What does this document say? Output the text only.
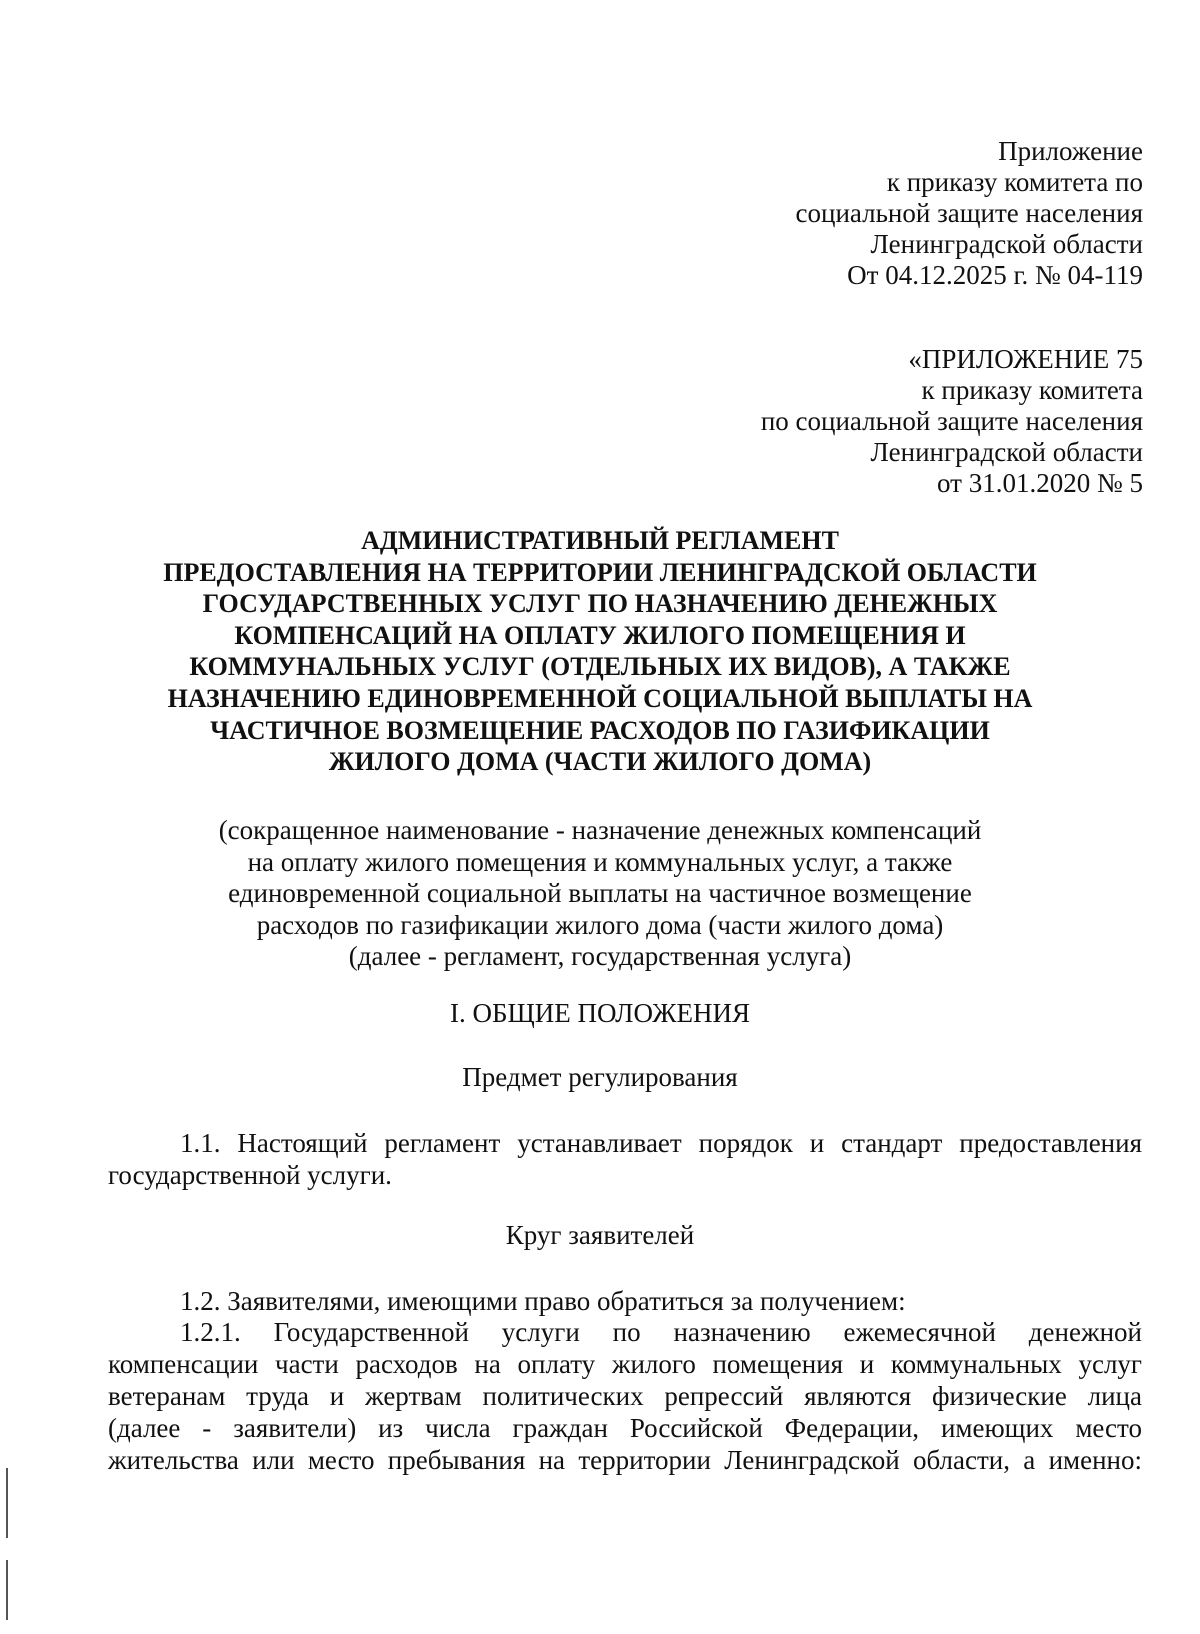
Приложение
к приказу комитета по
социальной защите населения
Ленинградской области
От 04.12.2025 г. № 04-119
«ПРИЛОЖЕНИЕ 75
к приказу комитета
по социальной защите населения
Ленинградской области
от 31.01.2020 № 5
АДМИНИСТРАТИВНЫЙ РЕГЛАМЕНТ
ПРЕДОСТАВЛЕНИЯ НА ТЕРРИТОРИИ ЛЕНИНГРАДСКОЙ ОБЛАСТИ
ГОСУДАРСТВЕННЫХ УСЛУГ ПО НАЗНАЧЕНИЮ ДЕНЕЖНЫХ
КОМПЕНСАЦИЙ НА ОПЛАТУ ЖИЛОГО ПОМЕЩЕНИЯ И
КОММУНАЛЬНЫХ УСЛУГ (ОТДЕЛЬНЫХ ИХ ВИДОВ), А ТАКЖЕ
НАЗНАЧЕНИЮ ЕДИНОВРЕМЕННОЙ СОЦИАЛЬНОЙ ВЫПЛАТЫ НА
ЧАСТИЧНОЕ ВОЗМЕЩЕНИЕ РАСХОДОВ ПО ГАЗИФИКАЦИИ
ЖИЛОГО ДОМА (ЧАСТИ ЖИЛОГО ДОМА)
(сокращенное наименование - назначение денежных компенсаций
на оплату жилого помещения и коммунальных услуг, а также
единовременной социальной выплаты на частичное возмещение
расходов по газификации жилого дома (части жилого дома)
(далее - регламент, государственная услуга)
I. ОБЩИЕ ПОЛОЖЕНИЯ
Предмет регулирования
1.1. Настоящий регламент устанавливает порядок и стандарт предоставления
государственной услуги.
Круг заявителей
1.2. Заявителями, имеющими право обратиться за получением:
1.2.1. Государственной услуги по назначению ежемесячной денежной
компенсации части расходов на оплату жилого помещения и коммунальных услуг
ветеранам труда и жертвам политических репрессий являются физические лица
(далее - заявители) из числа граждан Российской Федерации, имеющих место
жительства или место пребывания на территории Ленинградской области, а именно:
